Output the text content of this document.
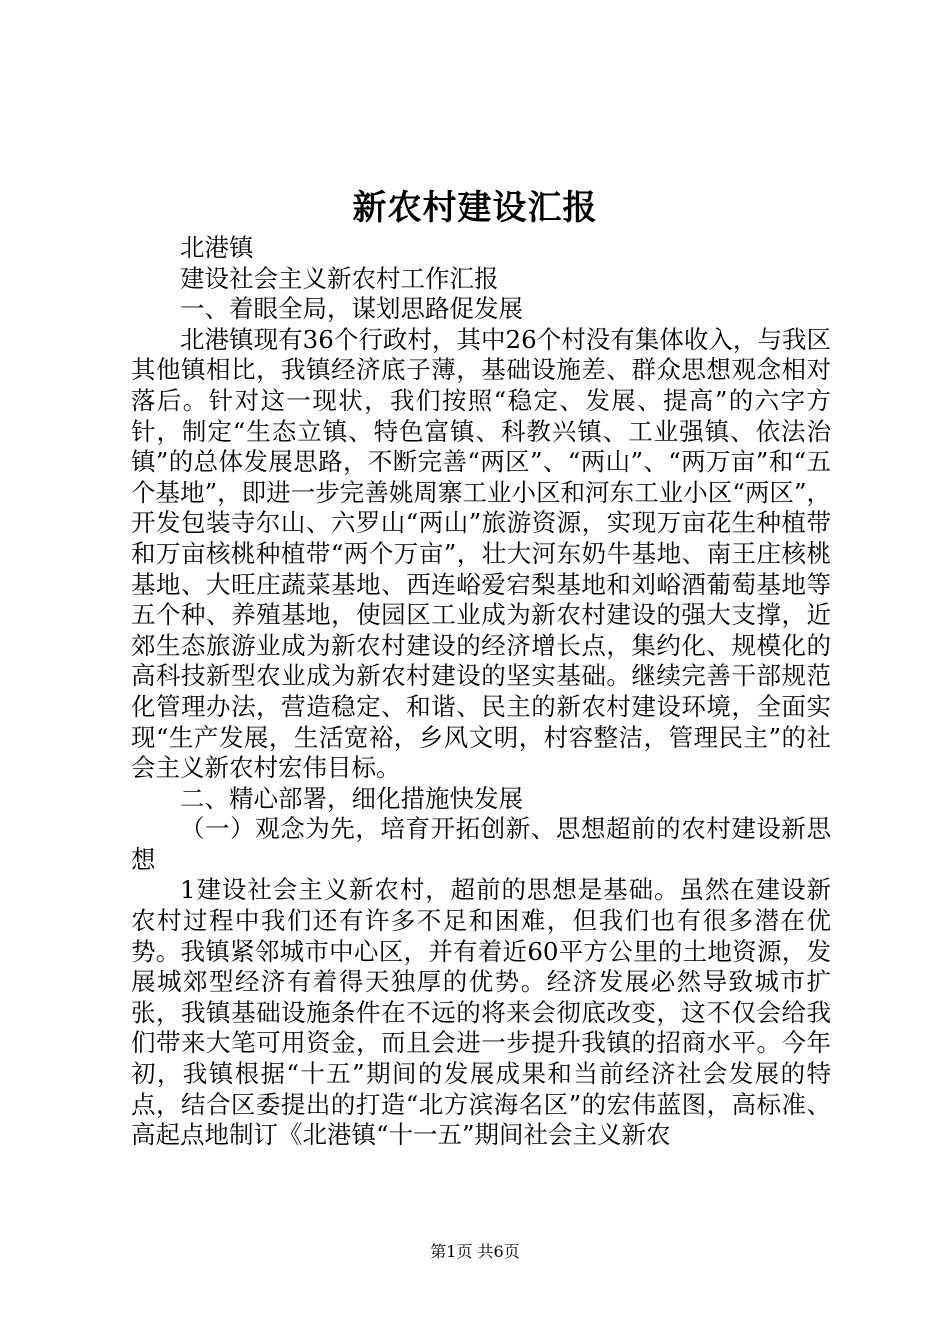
新农村建设汇报

北港镇

建设社会主义新农村工作汇报

一、着眼全局，谋划思路促发展

北港镇现有36个行政村，其中26个村没有集体收入，与我区其他镇相比，我镇经济底子薄，基础设施差、群众思想观念相对落后。针对这一现状，我们按照“稳定、发展、提高”的六字方针，制定“生态立镇、特色富镇、科教兴镇、工业强镇、依法治镇”的总体发展思路，不断完善“两区”、“两山”、“两万亩”和“五个基地”，即进一步完善姚周寨工业小区和河东工业小区“两区”，开发包装寺尔山、六罗山“两山”旅游资源，实现万亩花生种植带和万亩核桃种植带“两个万亩”，壮大河东奶牛基地、南王庄核桃基地、大旺庄蔬菜基地、西连峪爱宕梨基地和刘峪酒葡萄基地等五个种、养殖基地，使园区工业成为新农村建设的强大支撑，近郊生态旅游业成为新农村建设的经济增长点，集约化、规模化的高科技新型农业成为新农村建设的坚实基础。继续完善干部规范化管理办法，营造稳定、和谐、民主的新农村建设环境，全面实现“生产发展，生活宽裕，乡风文明，村容整洁，管理民主”的社会主义新农村宏伟目标。

二、精心部署，细化措施快发展

（一）观念为先，培育开拓创新、思想超前的农村建设新思想

1建设社会主义新农村，超前的思想是基础。虽然在建设新农村过程中我们还有许多不足和困难，但我们也有很多潜在优势。我镇紧邻城市中心区，并有着近60平方公里的土地资源，发展城郊型经济有着得天独厚的优势。经济发展必然导致城市扩张，我镇基础设施条件在不远的将来会彻底改变，这不仅会给我们带来大笔可用资金，而且会进一步提升我镇的招商水平。今年初，我镇根据“十五”期间的发展成果和当前经济社会发展的特点，结合区委提出的打造“北方滨海名区”的宏伟蓝图，高标准、高起点地制订《北港镇“十一五”期间社会主义新农

第1页 共6页
